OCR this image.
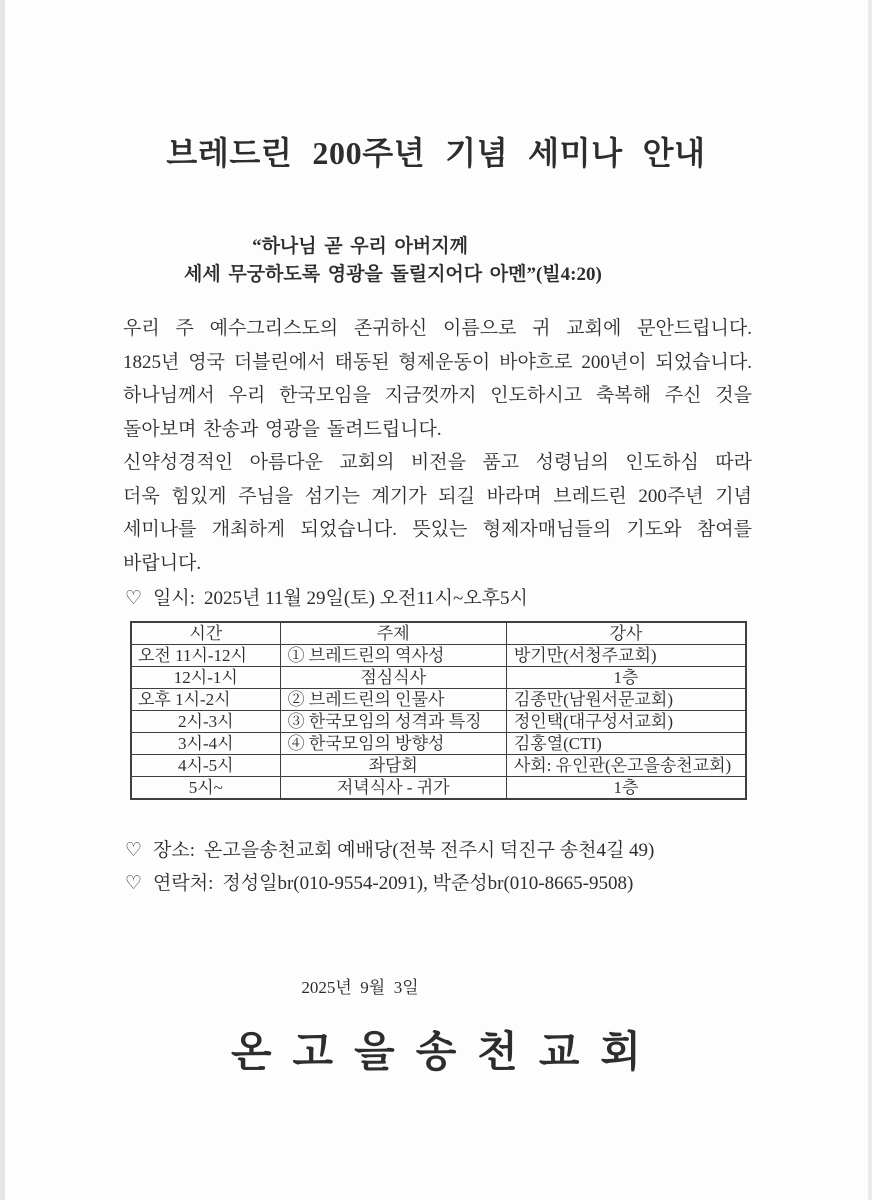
브레드린 200주년 기념 세미나 안내
“하나님 곧 우리 아버지께
세세 무궁하도록 영광을 돌릴지어다 아멘”(빌4:20)
우리 주 예수그리스도의 존귀하신 이름으로 귀 교회에 문안드립니다.
1825년 영국 더블린에서 태동된 형제운동이 바야흐로 200년이 되었습니다.
하나님께서 우리 한국모임을 지금껏까지 인도하시고 축복해 주신 것을
돌아보며 찬송과 영광을 돌려드립니다.
신약성경적인 아름다운 교회의 비전을 품고 성령님의 인도하심 따라
더욱 힘있게 주님을 섬기는 계기가 되길 바라며 브레드린 200주년 기념
세미나를 개최하게 되었습니다. 뜻있는 형제자매님들의 기도와 참여를
바랍니다.
♡ 일시: 2025년 11월 29일(토) 오전11시~오후5시
시간	주제	강사
오전 11시-12시	① 브레드린의 역사성	방기만(서청주교회)
12시-1시	점심식사	1층
오후 1시-2시	② 브레드린의 인물사	김종만(남원서문교회)
2시-3시	③ 한국모임의 성격과 특징	정인택(대구성서교회)
3시-4시	④ 한국모임의 방향성	김홍열(CTI)
4시-5시	좌담회	사회: 유인관(온고을송천교회)
5시~	저녁식사 - 귀가	1층
♡ 장소: 온고을송천교회 예배당(전북 전주시 덕진구 송천4길 49)
♡ 연락처: 정성일br(010-9554-2091), 박준성br(010-8665-9508)
2025년 9월 3일
온고을송천교회
